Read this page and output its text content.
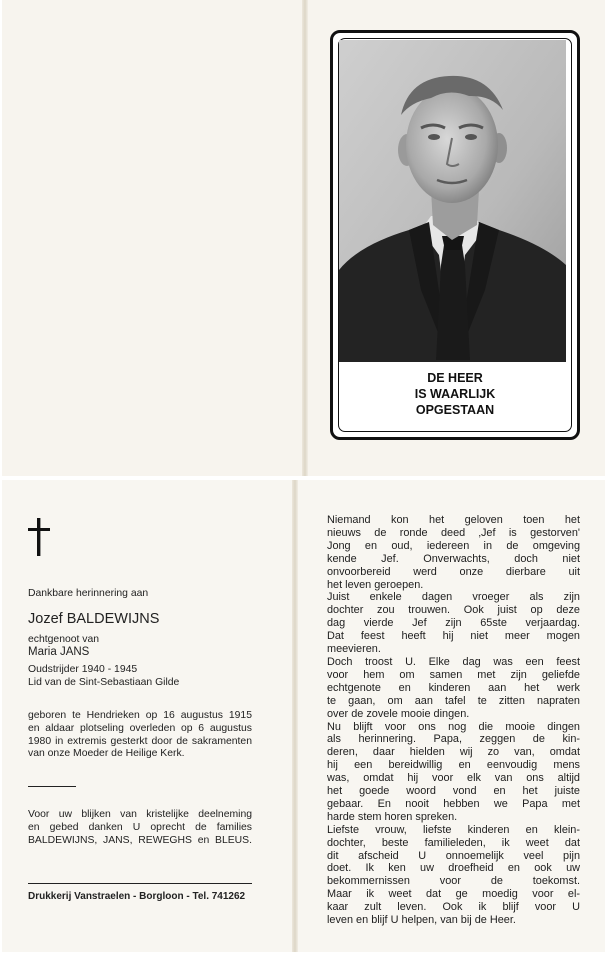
DE HEER
IS WAARLIJK
OPGESTAAN
Dankbare herinnering aan
Jozef BALDEWIJNS
echtgenoot van
Maria JANS
Oudstrijder 1940 - 1945
Lid van de Sint-Sebastiaan Gilde
geboren te Hendrieken op 16 augustus 1915
en aldaar plotseling overleden op 6 augustus
1980 in extremis gesterkt door de sakramenten
van onze Moeder de Heilige Kerk.
Voor uw blijken van kristelijke deelneming
en gebed danken U oprecht de families
BALDEWIJNS, JANS, REWEGHS en BLEUS.
Drukkerij Vanstraelen - Borgloon - Tel. 741262
Niemand kon het geloven toen het
nieuws de ronde deed ‚Jef is gestorven'
Jong en oud, iedereen in de omgeving
kende Jef. Onverwachts, doch niet
onvoorbereid werd onze dierbare uit
het leven geroepen.
Juist enkele dagen vroeger als zijn
dochter zou trouwen. Ook juist op deze
dag vierde Jef zijn 65ste verjaardag.
Dat feest heeft hij niet meer mogen
meevieren.
Doch troost U. Elke dag was een feest
voor hem om samen met zijn geliefde
echtgenote en kinderen aan het werk
te gaan, om aan tafel te zitten napraten
over de zovele mooie dingen.
Nu blijft voor ons nog die mooie dingen
als herinnering. Papa, zeggen de kin-
deren, daar hielden wij zo van, omdat
hij een bereidwillig en eenvoudig mens
was, omdat hij voor elk van ons altijd
het goede woord vond en het juiste
gebaar. En nooit hebben we Papa met
harde stem horen spreken.
Liefste vrouw, liefste kinderen en klein-
dochter, beste familieleden, ik weet dat
dit afscheid U onnoemelijk veel pijn
doet. Ik ken uw droefheid en ook uw
bekommernissen voor de toekomst.
Maar ik weet dat ge moedig voor el-
kaar zult leven. Ook ik blijf voor U
leven en blijf U helpen, van bij de Heer.
